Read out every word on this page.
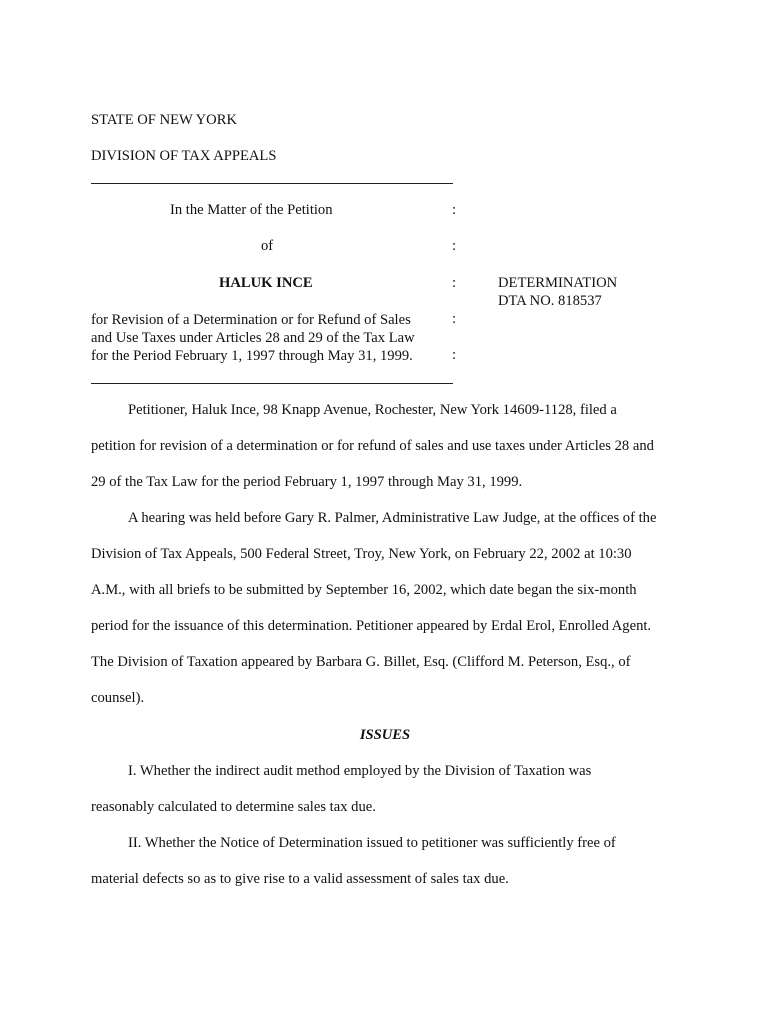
STATE OF NEW YORK
DIVISION OF TAX APPEALS
In the Matter of the Petition	:
of	:
HALUK INCE	:	DETERMINATION
DTA NO. 818537
for Revision of a Determination or for Refund of Sales	:
and Use Taxes under Articles 28 and 29 of the Tax Law
for the Period February 1, 1997 through May 31, 1999.	:
Petitioner, Haluk Ince, 98 Knapp Avenue, Rochester, New York 14609-1128, filed a
petition for revision of a determination or for refund of sales and use taxes under Articles 28 and
29 of the Tax Law for the period February 1, 1997 through May 31, 1999.
A hearing was held before Gary R. Palmer, Administrative Law Judge, at the offices of the
Division of Tax Appeals, 500 Federal Street, Troy, New York, on February 22, 2002 at 10:30
A.M., with all briefs to be submitted by September 16, 2002, which date began the six-month
period for the issuance of this determination. Petitioner appeared by Erdal Erol, Enrolled Agent.
The Division of Taxation appeared by Barbara G. Billet, Esq. (Clifford M. Peterson, Esq., of
counsel).
ISSUES
I. Whether the indirect audit method employed by the Division of Taxation was
reasonably calculated to determine sales tax due.
II. Whether the Notice of Determination issued to petitioner was sufficiently free of
material defects so as to give rise to a valid assessment of sales tax due.
